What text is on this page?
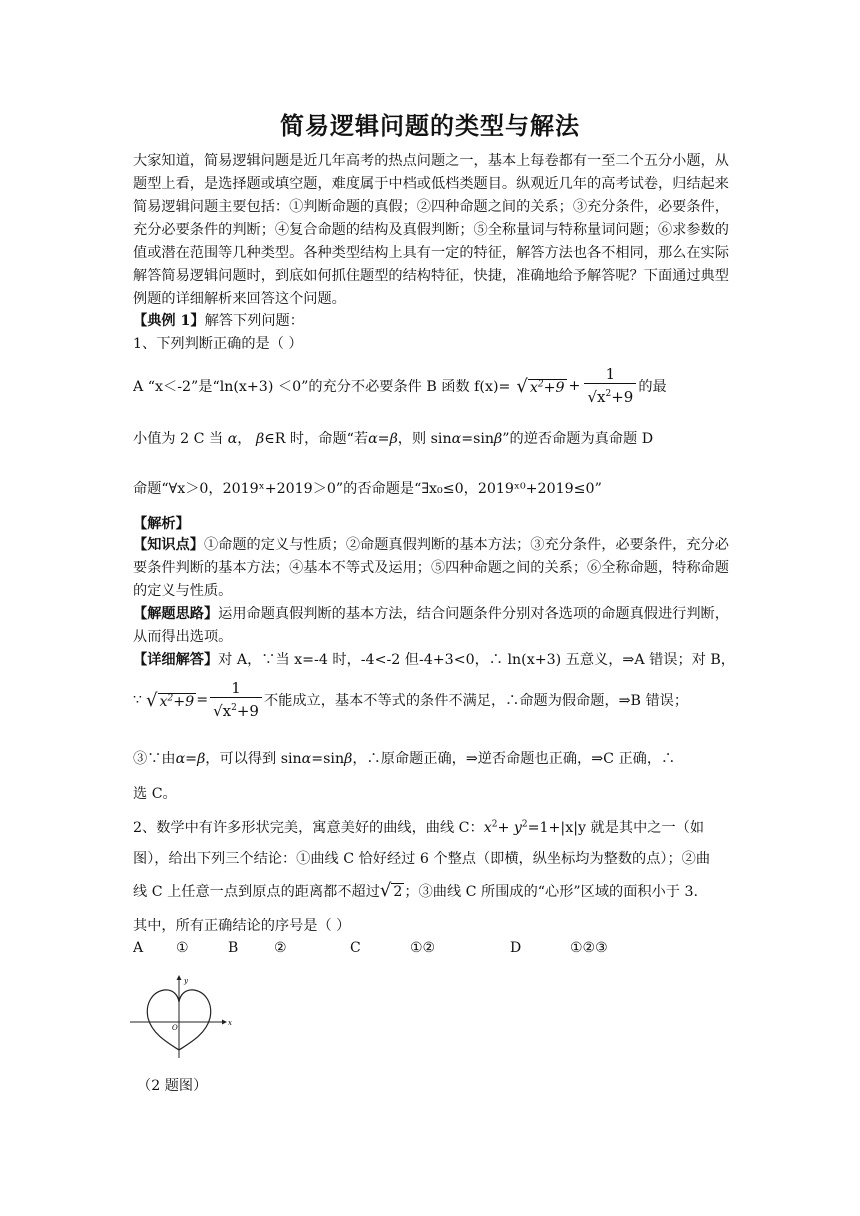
简易逻辑问题的类型与解法
大家知道，简易逻辑问题是近几年高考的热点问题之一，基本上每卷都有一至二个五分小题，从题型上看，是选择题或填空题，难度属于中档或低档类题目。纵观近几年的高考试卷，归结起来简易逻辑问题主要包括：①判断命题的真假；②四种命题之间的关系；③充分条件，必要条件，充分必要条件的判断；④复合命题的结构及真假判断；⑤全称量词与特称量词问题；⑥求参数的值或潜在范围等几种类型。各种类型结构上具有一定的特征，解答方法也各不相同，那么在实际解答简易逻辑问题时，到底如何抓住题型的结构特征，快捷，准确地给予解答呢？下面通过典型例题的详细解析来回答这个问题。
【典例 1】解答下列问题：
1、下列判断正确的是（ ）
A “x＜-2”是“ln(x+3) ＜0”的充分不必要条件 B 函数 f(x)= √ $x^2+9 + \frac{1}{√x^2+9}$ 的最
小值为 2 C 当 α， β∈R 时，命题“若α=β，则 sinα=sinβ”的逆否命题为真命题 D
命题“∀x＞0，2019ˣ+2019＞0”的否命题是“∃x₀≤0，2019ˣ⁰+2019≤0”
【解析】
【知识点】①命题的定义与性质；②命题真假判断的基本方法；③充分条件，必要条件，充分必要条件判断的基本方法；④基本不等式及运用；⑤四种命题之间的关系；⑥全称命题，特称命题的定义与性质。
【解题思路】运用命题真假判断的基本方法，结合问题条件分别对各选项的命题真假进行判断，从而得出选项。
【详细解答】对 A，∵当 x=-4 时，-4<-2 但-4+3<0，∴ ln(x+3) 五意义，⇒A 错误；对 B，
∵ √ $x^2+9 = \frac{1}{√x^2+9}$ 不能成立，基本不等式的条件不满足，∴命题为假命题，⇒B 错误；
③∵由α=β，可以得到 sinα=sinβ，∴原命题正确，⇒逆否命题也正确，⇒C 正确，∴
选 C。
2、数学中有许多形状完美，寓意美好的曲线，曲线 C：$x^2+ y^2=1+|x|y$ 就是其中之一（如
图），给出下列三个结论：①曲线 C 恰好经过 6 个整点（即横，纵坐标均为整数的点）；②曲
线 C 上任意一点到原点的距离都不超过√ 2 ；③曲线 C 所围成的“心形”区域的面积小于 3.
其中，所有正确结论的序号是（ ）
A ①	B	②	C	①②	D	①②③
y
x
O
（2 题图）
